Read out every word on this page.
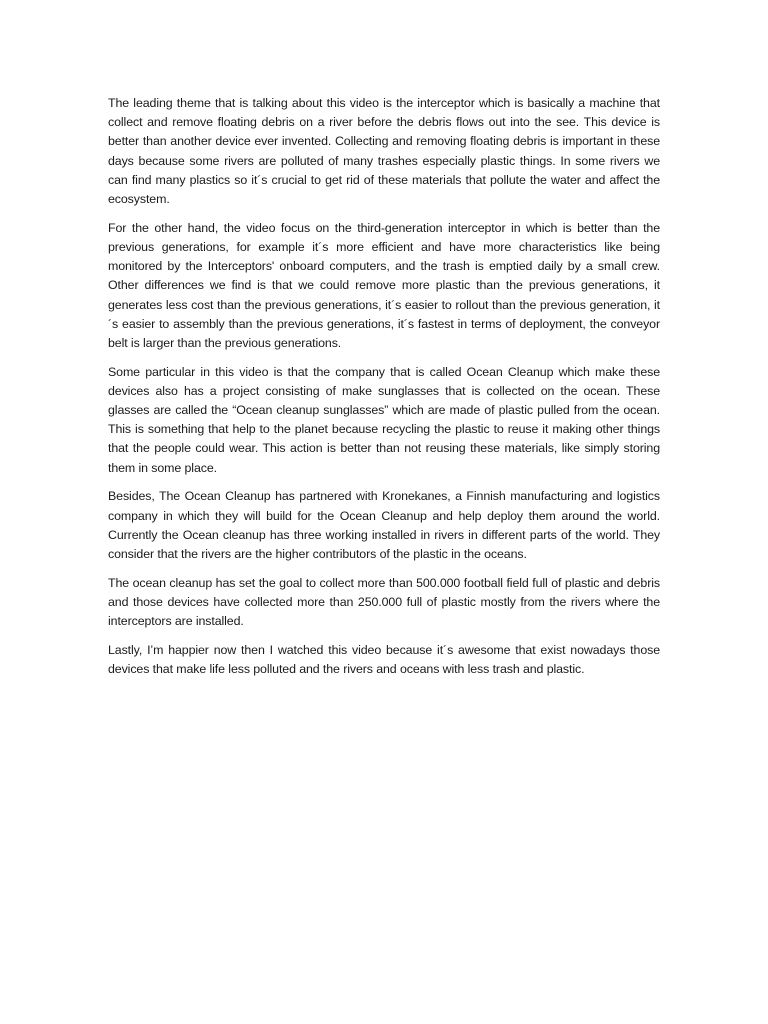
The leading theme that is talking about this video is the interceptor which is basically a machine that collect and remove floating debris on a river before the debris flows out into the see. This device is better than another device ever invented. Collecting and removing floating debris is important in these days because some rivers are polluted of many trashes especially plastic things. In some rivers we can find many plastics so it´s crucial to get rid of these materials that pollute the water and affect the ecosystem.

For the other hand, the video focus on the third-generation interceptor in which is better than the previous generations, for example it´s more efficient and have more characteristics like being monitored by the Interceptors' onboard computers, and the trash is emptied daily by a small crew. Other differences we find is that we could remove more plastic than the previous generations, it generates less cost than the previous generations, it´s easier to rollout than the previous generation, it´s easier to assembly than the previous generations, it´s fastest in terms of deployment, the conveyor belt is larger than the previous generations.

Some particular in this video is that the company that is called Ocean Cleanup which make these devices also has a project consisting of make sunglasses that is collected on the ocean. These glasses are called the “Ocean cleanup sunglasses” which are made of plastic pulled from the ocean. This is something that help to the planet because recycling the plastic to reuse it making other things that the people could wear. This action is better than not reusing these materials, like simply storing them in some place.

Besides, The Ocean Cleanup has partnered with Kronekanes, a Finnish manufacturing and logistics company in which they will build for the Ocean Cleanup and help deploy them around the world. Currently the Ocean cleanup has three working installed in rivers in different parts of the world. They consider that the rivers are the higher contributors of the plastic in the oceans.

The ocean cleanup has set the goal to collect more than 500.000 football field full of plastic and debris and those devices have collected more than 250.000 full of plastic mostly from the rivers where the interceptors are installed.

Lastly, I’m happier now then I watched this video because it´s awesome that exist nowadays those devices that make life less polluted and the rivers and oceans with less trash and plastic.
